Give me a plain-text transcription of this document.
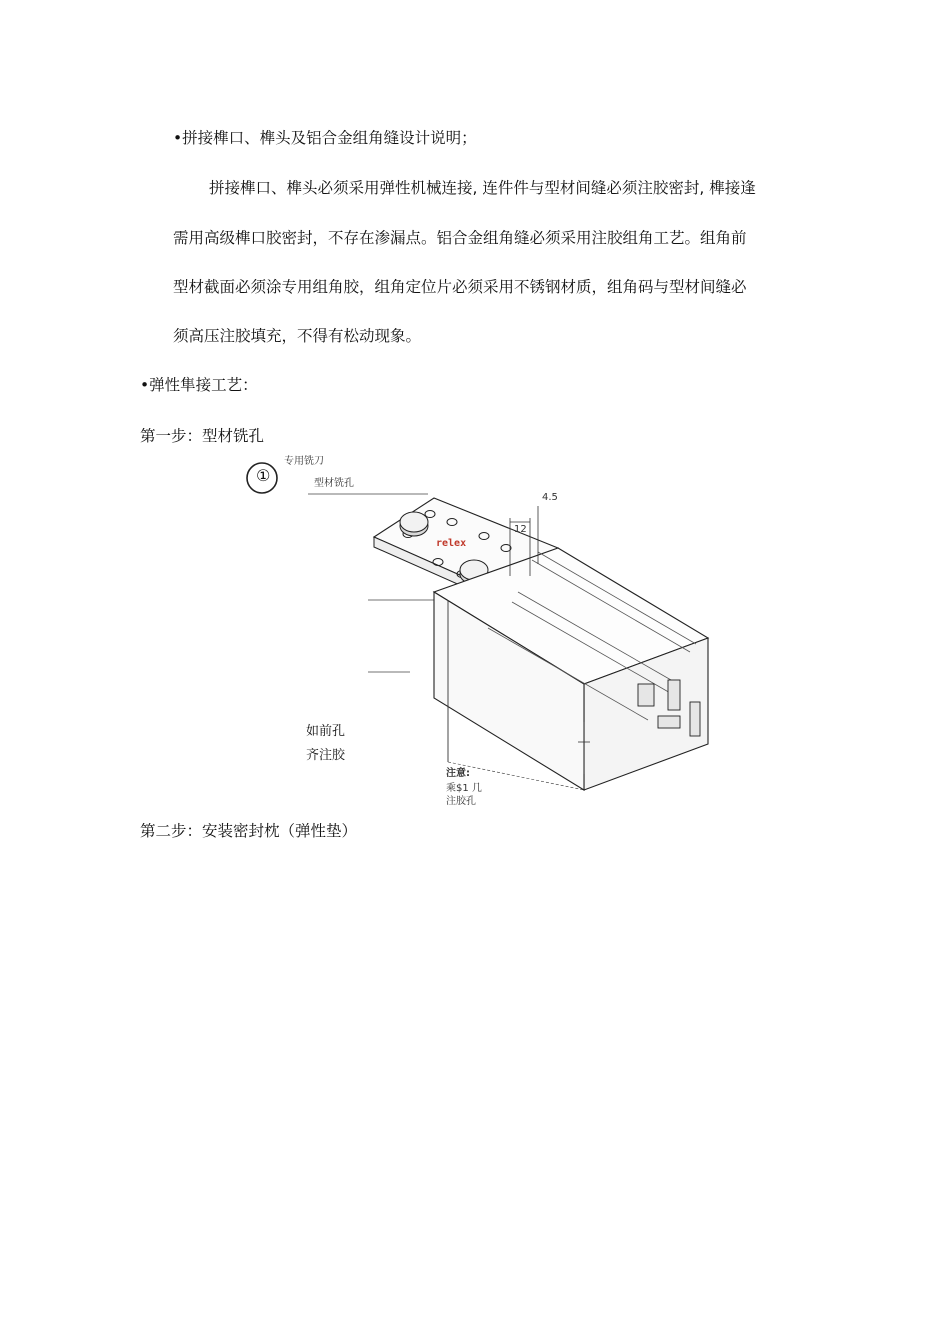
•拼接榫口、榫头及铝合金组角缝设计说明；
拼接榫口、榫头必须采用弹性机械连接, 连件件与型材间缝必须注胶密封, 榫接逢
需用高级榫口胶密封，不存在渗漏点。铝合金组角缝必须采用注胶组角工艺。组角前
型材截面必须涂专用组角胶，组角定位片必须采用不锈钢材质，组角码与型材间缝必
须高压注胶填充，不得有松动现象。
•弹性隼接工艺：
第一步：型材铣孔
①
专用铣刀
型材铣孔
relex
4.5
12
如前孔
齐注胶
注意:
乘$1 几
注胶孔
第二步：安装密封枕（弹性垫）
